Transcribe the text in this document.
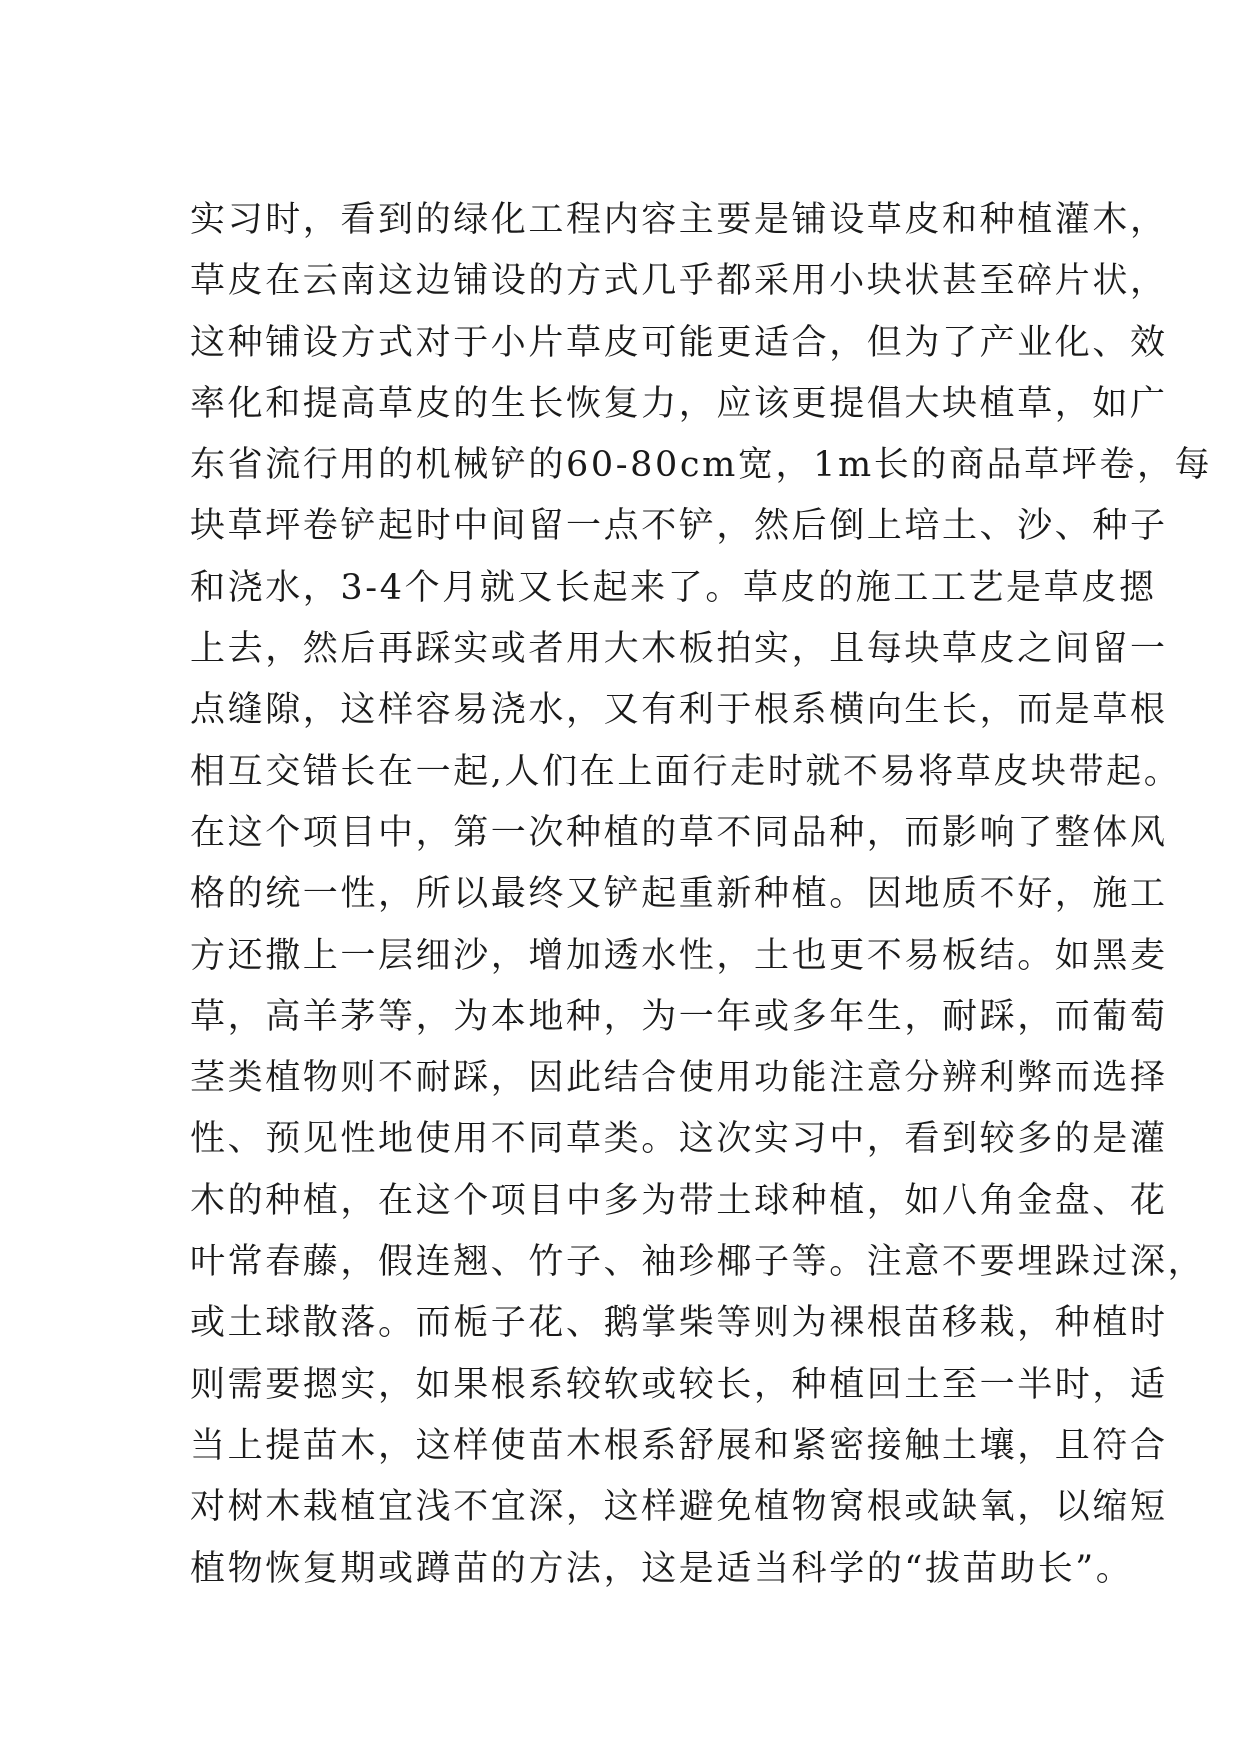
实习时，看到的绿化工程内容主要是铺设草皮和种植灌木，
草皮在云南这边铺设的方式几乎都采用小块状甚至碎片状，
这种铺设方式对于小片草皮可能更适合，但为了产业化、效
率化和提高草皮的生长恢复力，应该更提倡大块植草，如广
东省流行用的机械铲的60-80cm宽，1m长的商品草坪卷，每
块草坪卷铲起时中间留一点不铲，然后倒上培土、沙、种子
和浇水，3-4个月就又长起来了。草皮的施工工艺是草皮摁
上去，然后再踩实或者用大木板拍实，且每块草皮之间留一
点缝隙，这样容易浇水，又有利于根系横向生长，而是草根
相互交错长在一起,人们在上面行走时就不易将草皮块带起。
在这个项目中，第一次种植的草不同品种，而影响了整体风
格的统一性，所以最终又铲起重新种植。因地质不好，施工
方还撒上一层细沙，增加透水性，土也更不易板结。如黑麦
草，高羊茅等，为本地种，为一年或多年生，耐踩，而葡萄
茎类植物则不耐踩，因此结合使用功能注意分辨利弊而选择
性、预见性地使用不同草类。这次实习中，看到较多的是灌
木的种植，在这个项目中多为带土球种植，如八角金盘、花
叶常春藤，假连翘、竹子、袖珍椰子等。注意不要埋跺过深，
或土球散落。而栀子花、鹅掌柴等则为裸根苗移栽，种植时
则需要摁实，如果根系较软或较长，种植回土至一半时，适
当上提苗木，这样使苗木根系舒展和紧密接触土壤，且符合
对树木栽植宜浅不宜深，这样避免植物窝根或缺氧，以缩短
植物恢复期或蹲苗的方法，这是适当科学的“拔苗助长”。
